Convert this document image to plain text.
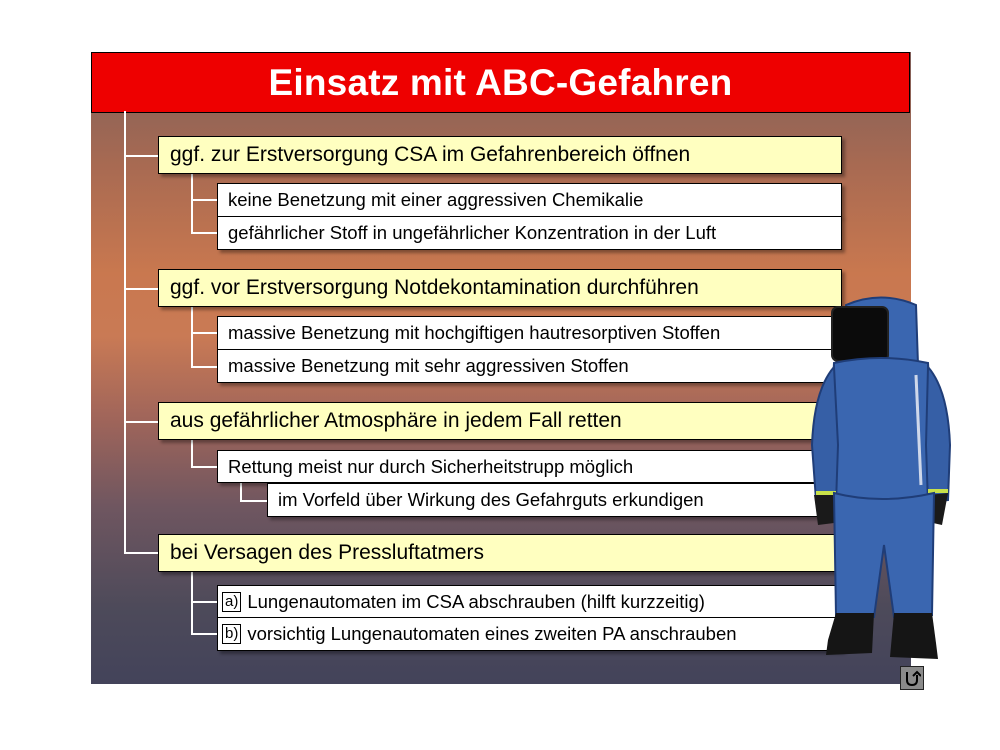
Einsatz mit ABC-Gefahren
ggf. zur Erstversorgung CSA im Gefahrenbereich öffnen
keine Benetzung mit einer aggressiven Chemikalie
gefährlicher Stoff in ungefährlicher Konzentration in der Luft
ggf. vor Erstversorgung Notdekontamination durchführen
massive Benetzung mit hochgiftigen hautresorptiven Stoffen
massive Benetzung mit sehr aggressiven Stoffen
aus gefährlicher Atmosphäre in jedem Fall retten
Rettung meist nur durch Sicherheitstrupp möglich
im Vorfeld über Wirkung des Gefahrguts erkundigen
bei Versagen des Pressluftatmers
a) Lungenautomaten im CSA abschrauben (hilft kurzzeitig)
b) vorsichtig Lungenautomaten eines zweiten PA anschrauben
